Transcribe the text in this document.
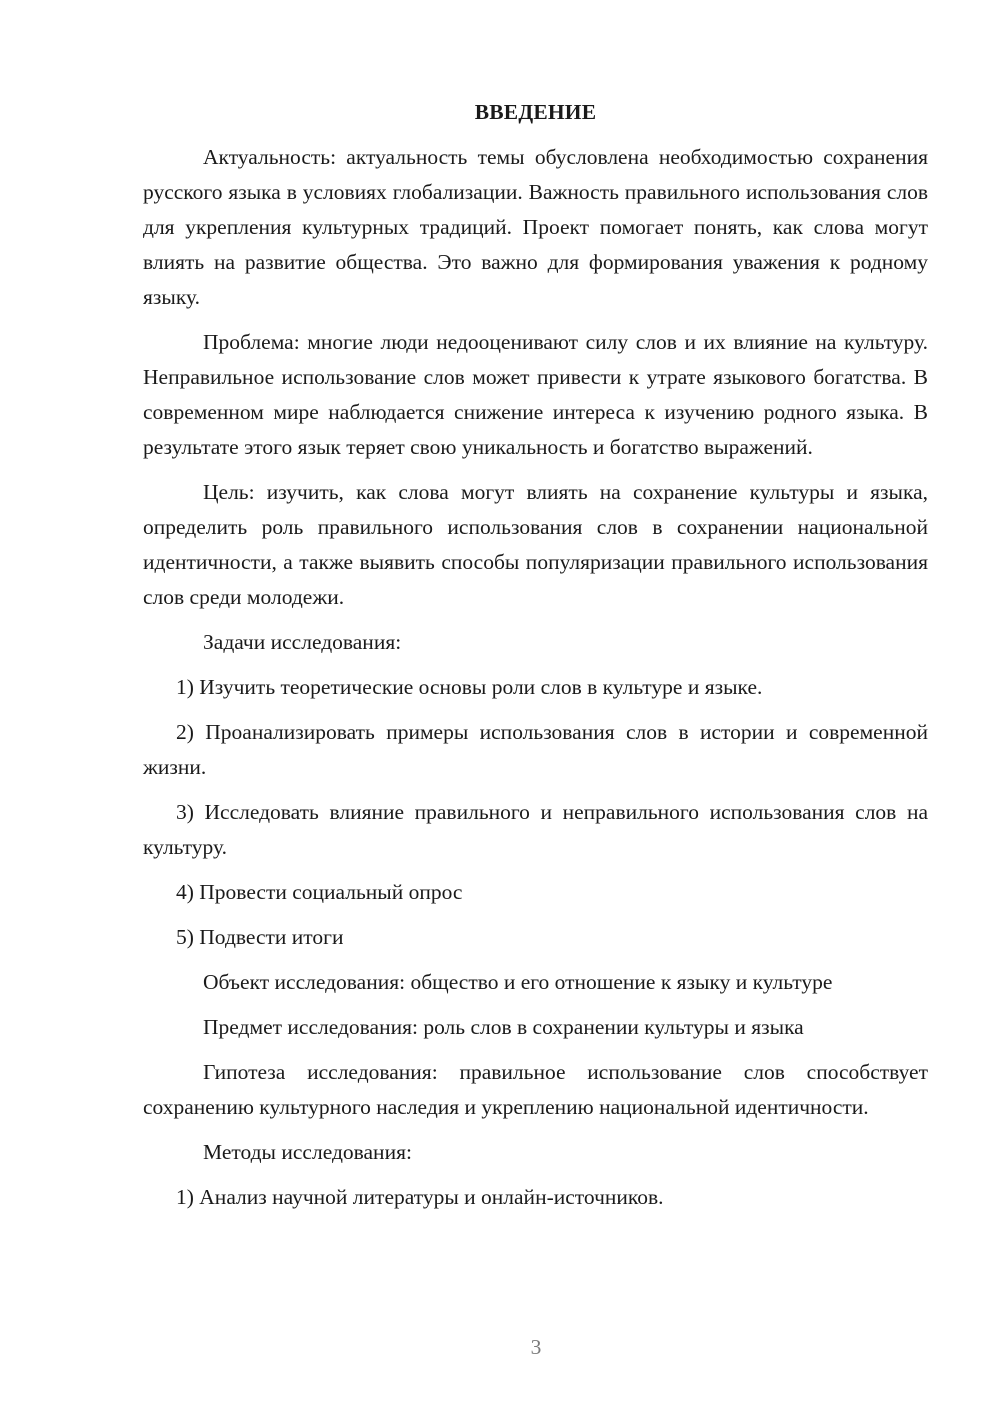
ВВЕДЕНИЕ

Актуальность: актуальность темы обусловлена необходимостью сохранения русского языка в условиях глобализации. Важность правильного использования слов для укрепления культурных традиций. Проект помогает понять, как слова могут влиять на развитие общества. Это важно для формирования уважения к родному языку.

Проблема: многие люди недооценивают силу слов и их влияние на культуру. Неправильное использование слов может привести к утрате языкового богатства. В современном мире наблюдается снижение интереса к изучению родного языка. В результате этого язык теряет свою уникальность и богатство выражений.

Цель: изучить, как слова могут влиять на сохранение культуры и языка, определить роль правильного использования слов в сохранении национальной идентичности, а также выявить способы популяризации правильного использования слов среди молодежи.

Задачи исследования:

1) Изучить теоретические основы роли слов в культуре и языке.

2) Проанализировать примеры использования слов в истории и современной жизни.

3) Исследовать влияние правильного и неправильного использования слов на культуру.

4) Провести социальный опрос

5) Подвести итоги

Объект исследования: общество и его отношение к языку и культуре

Предмет исследования: роль слов в сохранении культуры и языка

Гипотеза исследования: правильное использование слов способствует сохранению культурного наследия и укреплению национальной идентичности.

Методы исследования:

1) Анализ научной литературы и онлайн-источников.

3
